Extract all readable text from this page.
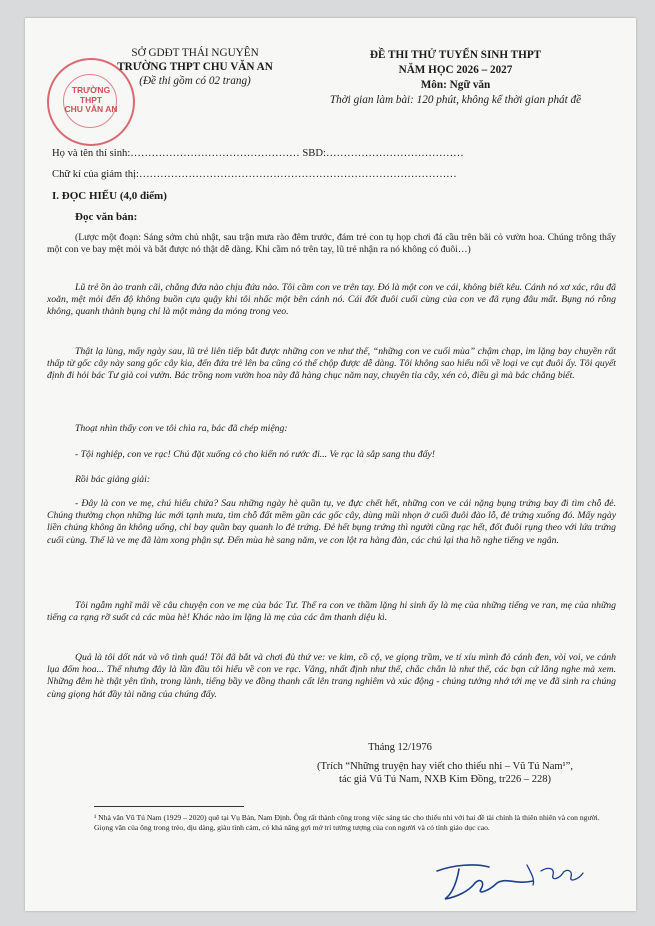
TRƯỜNG
THPT
CHU VĂN AN
SỞ GDĐT THÁI NGUYÊN
TRƯỜNG THPT CHU VĂN AN
(Đề thi gồm có 02 trang)
ĐỀ THI THỬ TUYỂN SINH THPT
NĂM HỌC 2026 – 2027
Môn: Ngữ văn
Thời gian làm bài: 120 phút, không kể thời gian phát đề
Họ và tên thí sinh:………………………………………… SBD:…………………………………
Chữ kí của giám thị:………………………………………………………………………………
I. ĐỌC HIỂU (4,0 điểm)
Đọc văn bản:
(Lược một đoạn: Sáng sớm chủ nhật, sau trận mưa rào đêm trước, đám trẻ con tụ họp chơi đá cầu trên bãi cỏ vườn hoa. Chúng trông thấy một con ve bay mệt mỏi và bắt được nó thật dễ dàng. Khi cầm nó trên tay, lũ trẻ nhận ra nó không có đuôi…)
Lũ trẻ ồn ào tranh cãi, chẳng đứa nào chịu đứa nào. Tôi cầm con ve trên tay. Đó là một con ve cái, không biết kêu. Cánh nó xơ xác, râu đã xoăn, mệt mỏi đến độ không buồn cựa quậy khi tôi nhấc một bên cánh nó. Cái đốt đuôi cuối cùng của con ve đã rụng đâu mất. Bụng nó rỗng không, quanh thành bụng chỉ là một màng da mỏng trong veo.
Thật lạ lùng, mấy ngày sau, lũ trẻ liên tiếp bắt được những con ve như thế, “những con ve cuối mùa” chậm chạp, im lặng bay chuyền rất thấp từ gốc cây này sang gốc cây kia, đến đứa trẻ lên ba cũng có thể chộp được dễ dàng. Tôi không sao hiểu nổi về loại ve cụt đuôi ấy. Tôi quyết định đi hỏi bác Tư già coi vườn. Bác trồng nom vườn hoa này đã hàng chục năm nay, chuyên tỉa cây, xén cỏ, điều gì mà bác chẳng biết.
Thoạt nhìn thấy con ve tôi chìa ra, bác đã chép miệng:
- Tội nghiệp, con ve rạc! Chú đặt xuống cỏ cho kiến nó rước đi... Ve rạc là sắp sang thu đấy!
Rồi bác giảng giải:
- Đây là con ve mẹ, chú hiểu chứa? Sau những ngày hè quần tụ, ve đực chết hết, những con ve cái nặng bụng trứng bay đi tìm chỗ đẻ. Chúng thường chọn những lúc mới tạnh mưa, tìm chỗ đất mềm gần các gốc cây, dùng mũi nhọn ở cuối đuôi đào lỗ, đẻ trứng xuống đó. Mấy ngày liền chúng không ăn không uống, chỉ bay quần bay quanh lo đẻ trứng. Đẻ hết bụng trứng thì người cũng rạc hết, đốt đuôi rụng theo với lứa trứng cuối cùng. Thế là ve mẹ đã làm xong phận sự. Đến mùa hè sang năm, ve con lột ra hàng đàn, các chú lại tha hồ nghe tiếng ve ngân.
Tôi ngẫm nghĩ mãi về câu chuyện con ve mẹ của bác Tư. Thế ra con ve thầm lặng hi sinh ấy là mẹ của những tiếng ve ran, mẹ của những tiếng ca rạng rỡ suốt cả các mùa hè! Khác nào im lặng là mẹ của các âm thanh diệu kì.
Quả là tôi dốt nát và vô tình quá! Tôi đã bắt và chơi đủ thứ ve: ve kim, cồ cộ, ve giọng trầm, ve tí xíu mình đỏ cánh đen, vòi voi, ve cánh lụa đốm hoa... Thế nhưng đây là lần đầu tôi hiểu về con ve rạc. Vâng, nhất định như thế, chắc chắn là như thế, các bạn cứ lắng nghe mà xem. Những đêm hè thật yên tĩnh, trong lành, tiếng bầy ve đồng thanh cất lên trang nghiêm và xúc động - chúng tưởng nhớ tới mẹ ve đã sinh ra chúng cùng giọng hát đầy tài năng của chúng đấy.
Tháng 12/1976
(Trích “Những truyện hay viết cho thiếu nhi – Vũ Tú Nam¹”,
tác giả Vũ Tú Nam, NXB Kim Đồng, tr226 – 228)
¹ Nhà văn Vũ Tú Nam (1929 – 2020) quê tại Vụ Bản, Nam Định. Ông rất thành công trong việc sáng tác cho thiếu nhi với hai đề tài chính là thiên nhiên và con người. Giọng văn của ông trong trẻo, dịu dàng, giàu tình cảm, có khả năng gợi mở trí tưởng tượng của con người và có tính giáo dục cao.
